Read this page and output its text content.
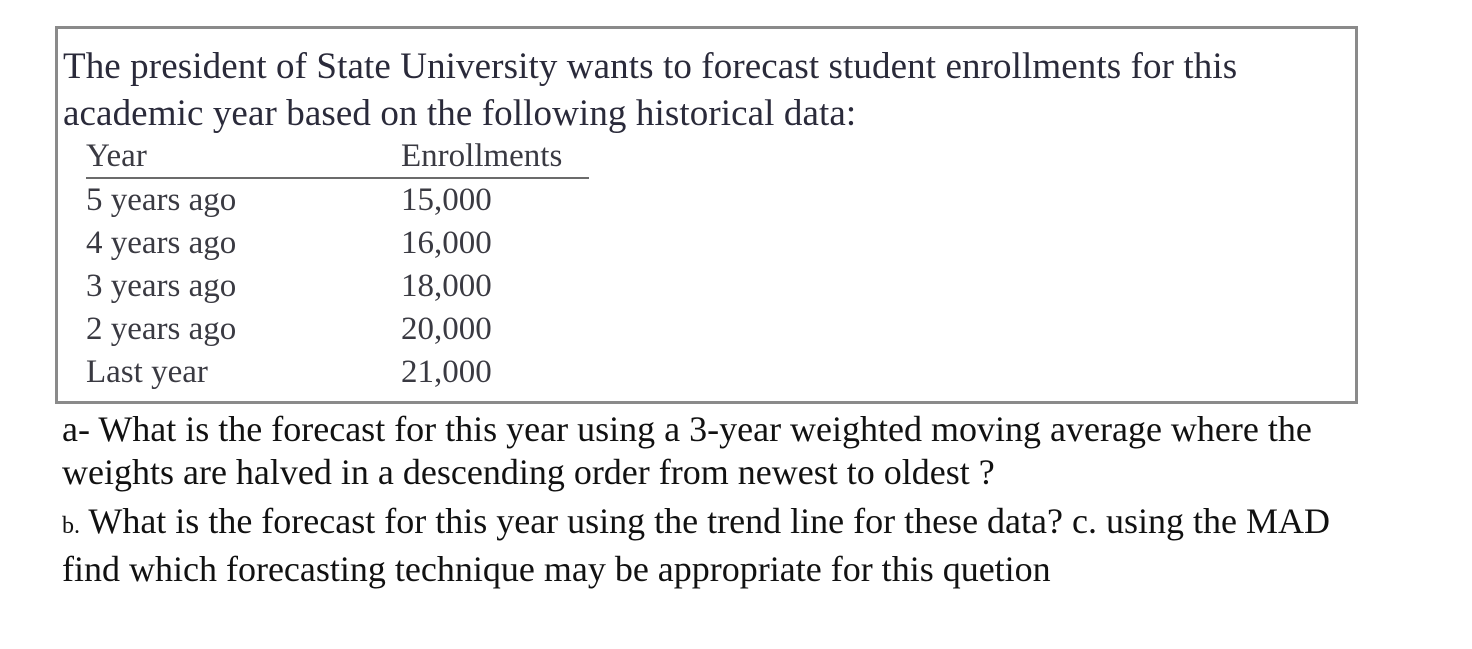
The president of State University wants to forecast student enrollments for this
academic year based on the following historical data:
Year	Enrollments
5 years ago	15,000
4 years ago	16,000
3 years ago	18,000
2 years ago	20,000
Last year	21,000
a- What is the forecast for this year using a 3-year weighted moving average where the
weights are halved in a descending order from newest to oldest ?
b. What is the forecast for this year using the trend line for these data? c. using the MAD
find which forecasting technique may be appropriate for this quetion
